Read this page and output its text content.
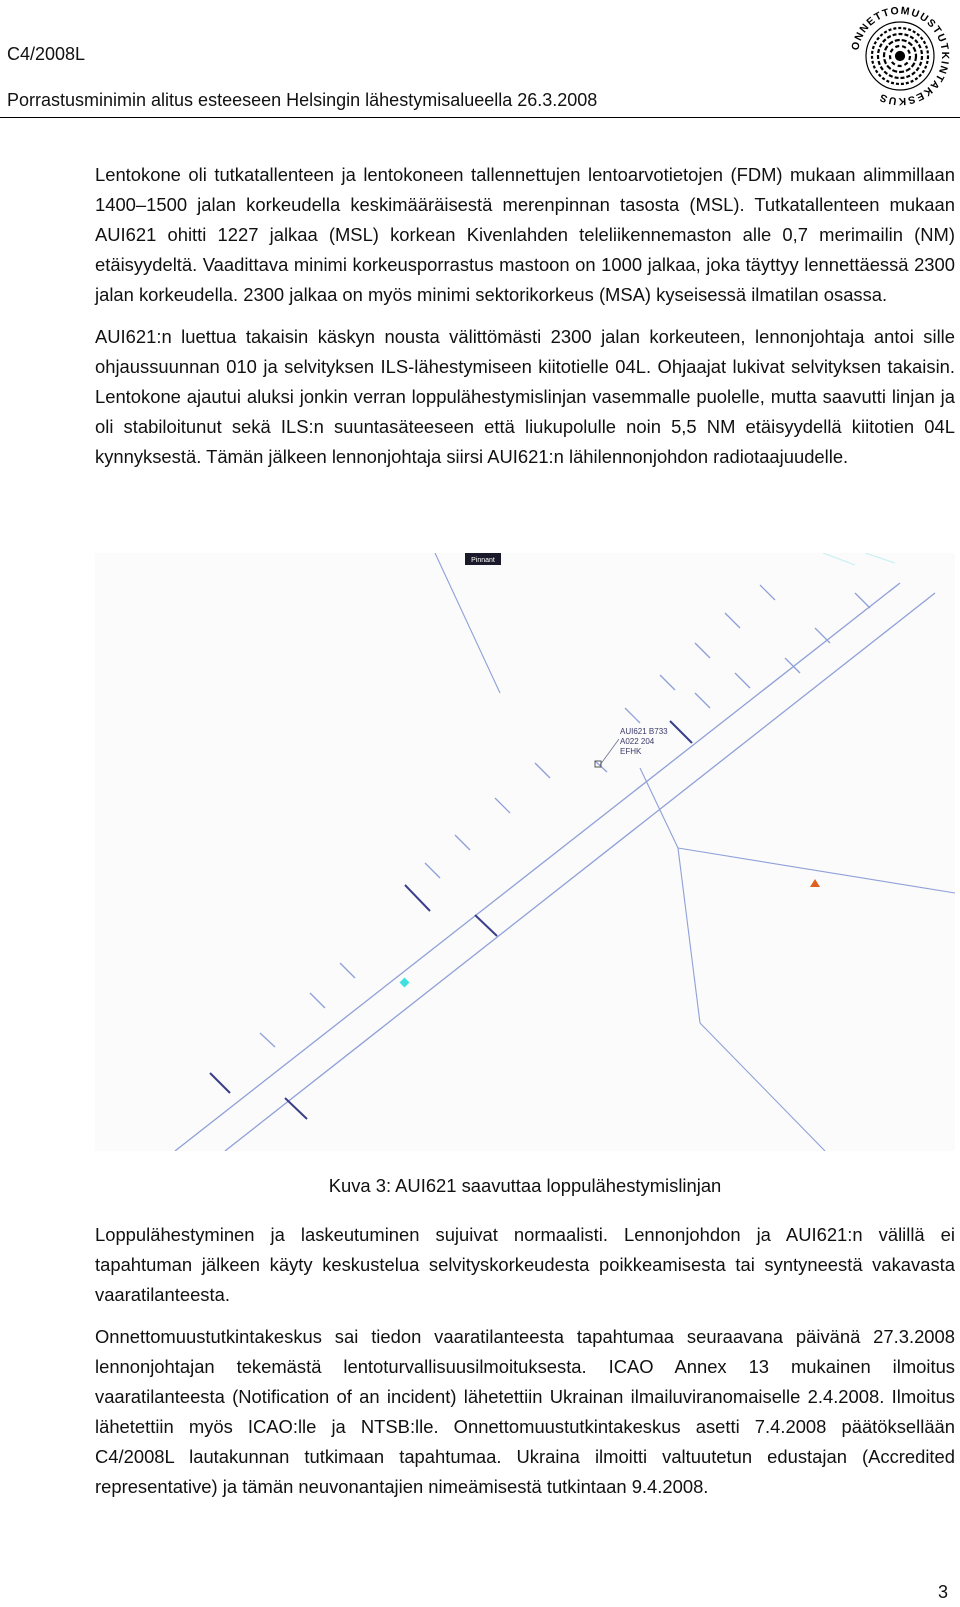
C4/2008L
Porrastusminimin alitus esteeseen Helsingin lähestymisalueella 26.3.2008
ONNETTOMUUSTUTKINTAKESKUS

Lentokone oli tutkatallenteen ja lentokoneen tallennettujen lentoarvotietojen (FDM) mukaan alimmillaan 1400–1500 jalan korkeudella keskimääräisestä merenpinnan tasosta (MSL). Tutkatallenteen mukaan AUI621 ohitti 1227 jalkaa (MSL) korkean Kivenlahden teleliikennemaston alle 0,7 merimailin (NM) etäisyydeltä. Vaadittava minimi korkeusporrastus mastoon on 1000 jalkaa, joka täyttyy lennettäessä 2300 jalan korkeudella. 2300 jalkaa on myös minimi sektorikorkeus (MSA) kyseisessä ilmatilan osassa.

AUI621:n luettua takaisin käskyn nousta välittömästi 2300 jalan korkeuteen, lennonjohtaja antoi sille ohjaussuunnan 010 ja selvityksen ILS-lähestymiseen kiitotielle 04L. Ohjaajat lukivat selvityksen takaisin. Lentokone ajautui aluksi jonkin verran loppulähestymislinjan vasemmalle puolelle, mutta saavutti linjan ja oli stabiloitunut sekä ILS:n suuntasäteeseen että liukupolulle noin 5,5 NM etäisyydellä kiitotien 04L kynnyksestä. Tämän jälkeen lennonjohtaja siirsi AUI621:n lähilennonjohdon radiotaajuudelle.

Pinnant
AUI621 B733
A022 204
EFHK
Kuva 3: AUI621 saavuttaa loppulähestymislinjan

Loppulähestyminen ja laskeutuminen sujuivat normaalisti. Lennonjohdon ja AUI621:n välillä ei tapahtuman jälkeen käyty keskustelua selvityskorkeudesta poikkeamisesta tai syntyneestä vakavasta vaaratilanteesta.

Onnettomuustutkintakeskus sai tiedon vaaratilanteesta tapahtumaa seuraavana päivänä 27.3.2008 lennonjohtajan tekemästä lentoturvallisuusilmoituksesta. ICAO Annex 13 mukainen ilmoitus vaaratilanteesta (Notification of an incident) lähetettiin Ukrainan ilmailuviranomaiselle 2.4.2008. Ilmoitus lähetettiin myös ICAO:lle ja NTSB:lle. Onnettomuustutkintakeskus asetti 7.4.2008 päätöksellään C4/2008L lautakunnan tutkimaan tapahtumaa. Ukraina ilmoitti valtuutetun edustajan (Accredited representative) ja tämän neuvonantajien nimeämisestä tutkintaan 9.4.2008.

3
